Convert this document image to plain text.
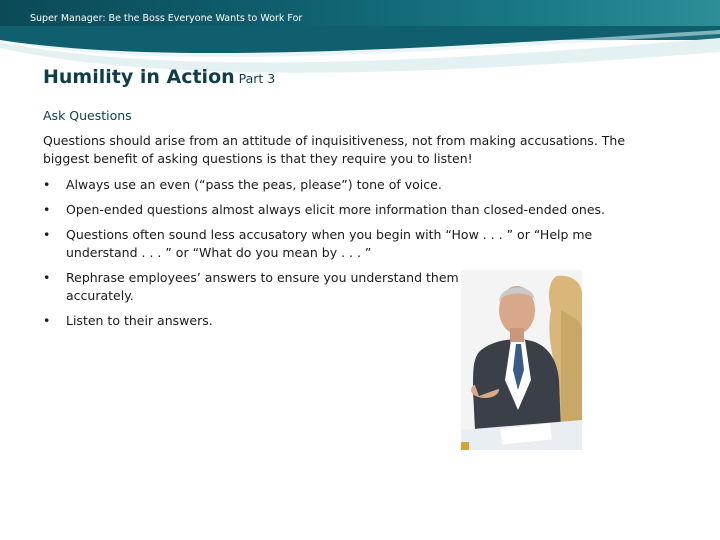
Super Manager: Be the Boss Everyone Wants to Work For
Humility in Action Part 3
Ask Questions
Questions should arise from an attitude of inquisitiveness, not from making accusations. The biggest benefit of asking questions is that they require you to listen!
• Always use an even (“pass the peas, please”) tone of voice.
• Open-ended questions almost always elicit more information than closed-ended ones.
• Questions often sound less accusatory when you begin with “How . . . ” or “Help me understand . . . ” or “What do you mean by . . . ”
• Rephrase employees’ answers to ensure you understand them accurately.
• Listen to their answers.
